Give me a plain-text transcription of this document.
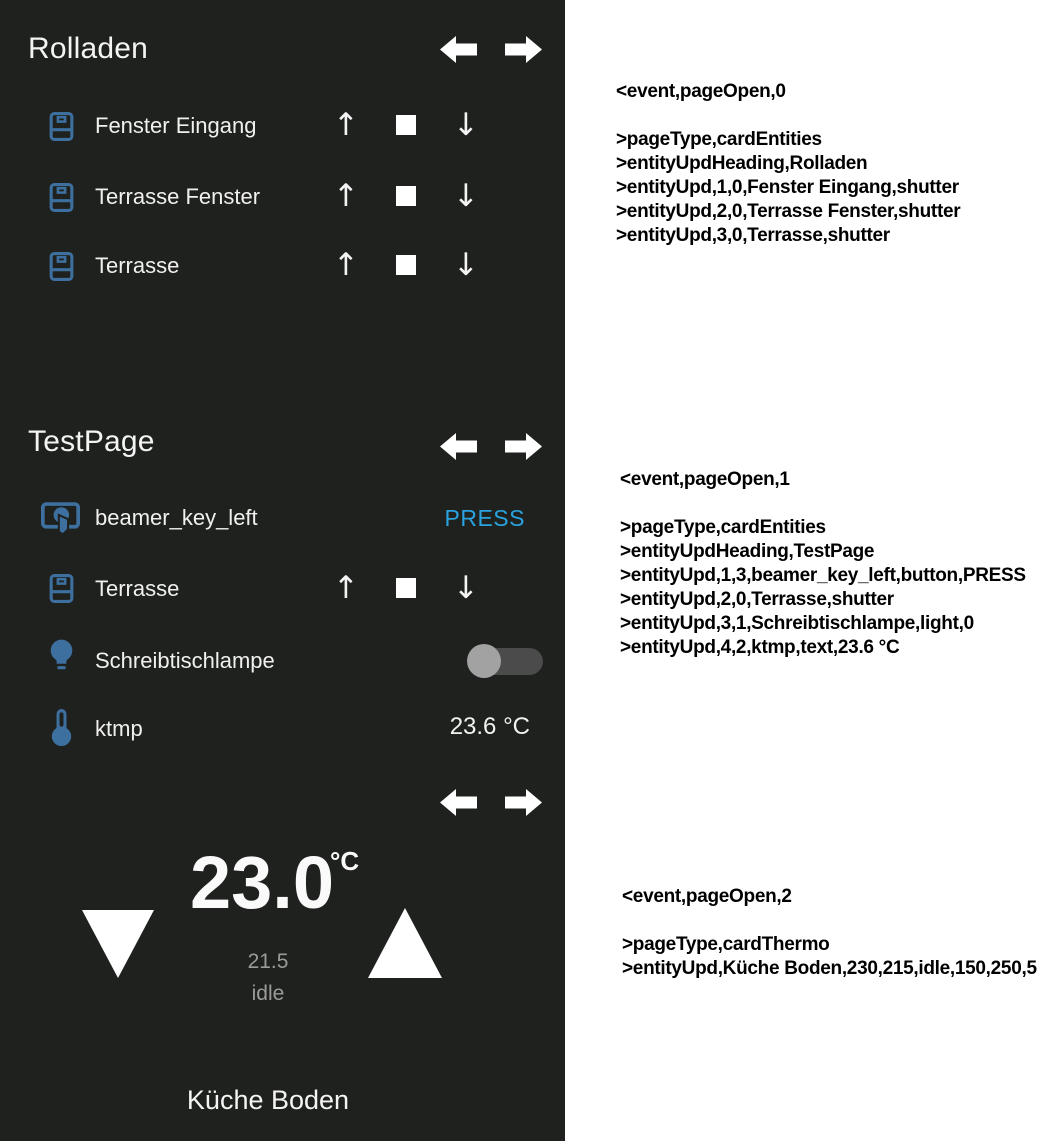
Rolladen
Fenster Eingang ↑	↓
Terrasse Fenster ↑	↓
Terrasse	↑	↓
TestPage
beamer_key_left	PRESS
Terrasse	↑	↓
Schreibtischlampe
ktmp	23.6 °C
23.0
°C
21.5
idle
Küche Boden
<event,pageOpen,0
>pageType,cardEntities
>entityUpdHeading,Rolladen
>entityUpd,1,0,Fenster Eingang,shutter
>entityUpd,2,0,Terrasse Fenster,shutter
>entityUpd,3,0,Terrasse,shutter
<event,pageOpen,1
>pageType,cardEntities
>entityUpdHeading,TestPage
>entityUpd,1,3,beamer_key_left,button,PRESS
>entityUpd,2,0,Terrasse,shutter
>entityUpd,3,1,Schreibtischlampe,light,0
>entityUpd,4,2,ktmp,text,23.6 °C
<event,pageOpen,2
>pageType,cardThermo
>entityUpd,Küche Boden,230,215,idle,150,250,5
